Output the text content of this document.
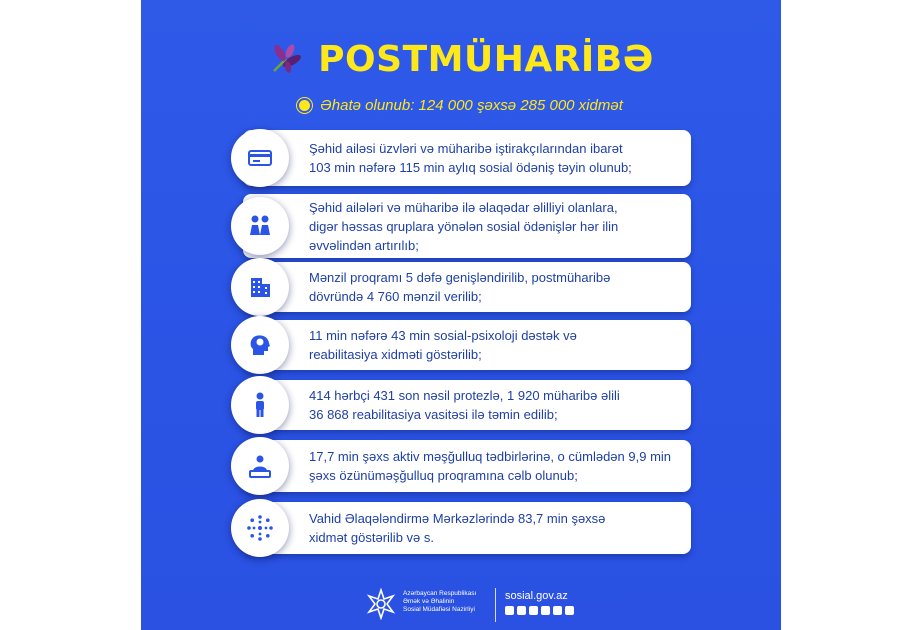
POSTMÜHARİBƏ
Əhatə olunub: 124 000 şəxsə 285 000 xidmət
Şəhid ailəsi üzvləri və müharibə iştirakçılarından ibarət
103 min nəfərə 115 min aylıq sosial ödəniş təyin olunub;
Şəhid ailələri və müharibə ilə əlaqədar əlilliyi olanlara,
digər həssas qruplara yönələn sosial ödənişlər hər ilin
əvvəlindən artırılıb;
Mənzil proqramı 5 dəfə genişləndirilib, postmüharibə
dövründə 4 760 mənzil verilib;
11 min nəfərə 43 min sosial-psixoloji dəstək və
reabilitasiya xidməti göstərilib;
414 hərbçi 431 son nəsil protezlə, 1 920 müharibə əlili
36 868 reabilitasiya vasitəsi ilə təmin edilib;
17,7 min şəxs aktiv məşğulluq tədbirlərinə, o cümlədən 9,9 min
şəxs özünüməşğulluq proqramına cəlb olunub;
Vahid Əlaqələndirmə Mərkəzlərində 83,7 min şəxsə
xidmət göstərilib və s.
Azərbaycan Respublikası
Əmək və Əhalinin
Sosial Müdafiəsi Nazirliyi
sosial.gov.az
